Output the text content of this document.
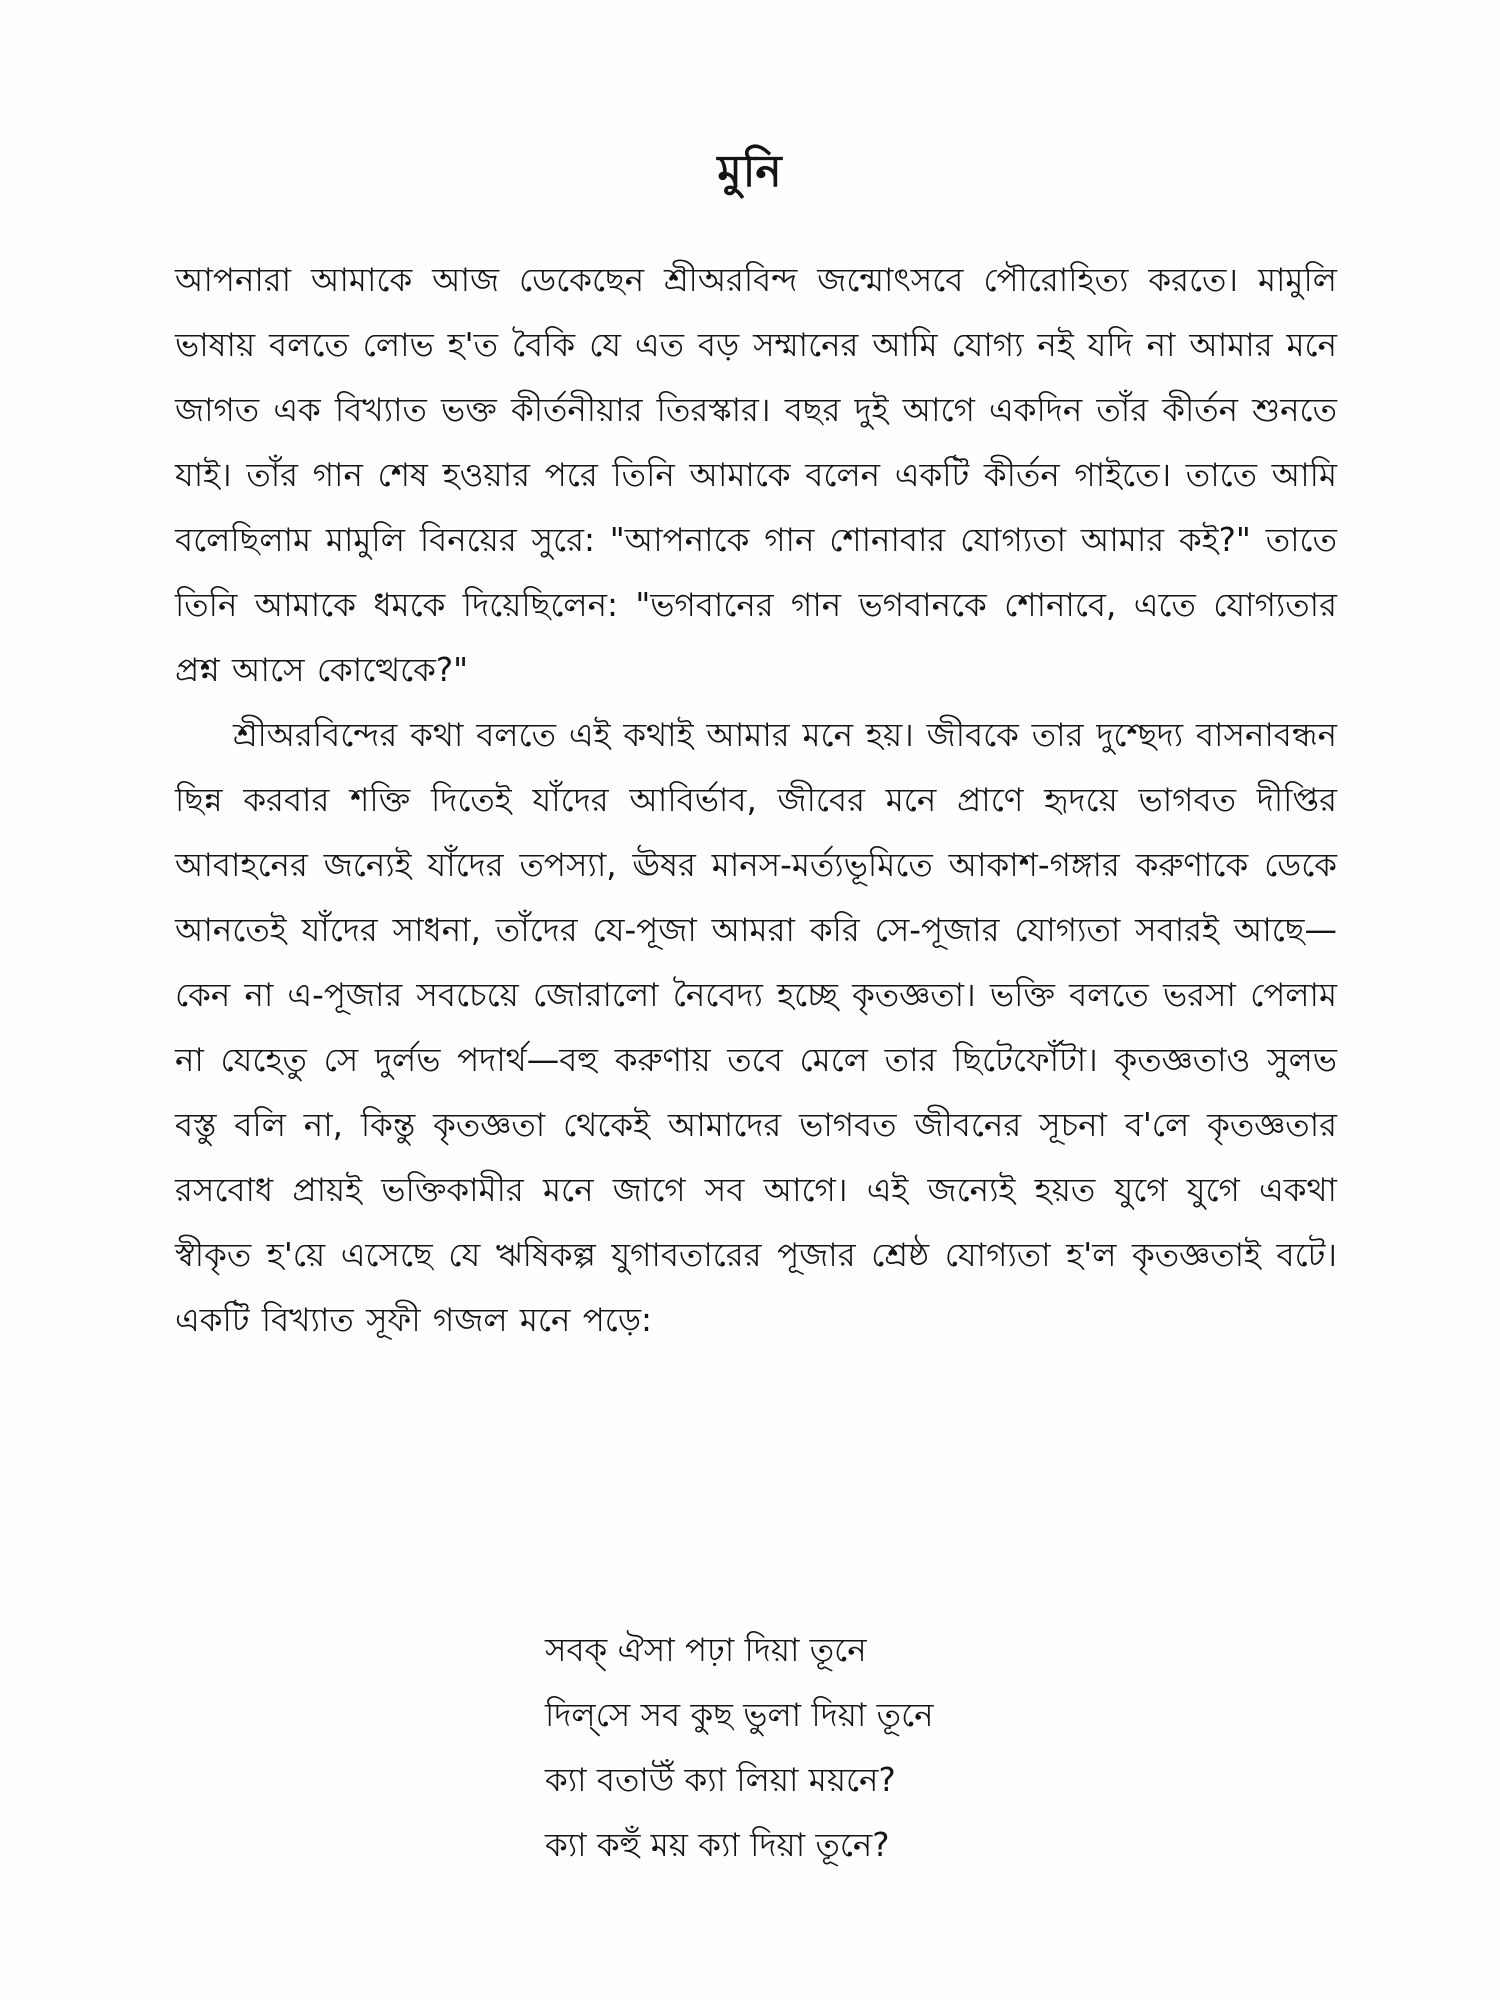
মুনি

আপনারা আমাকে আজ ডেকেছেন শ্রীঅরবিন্দ জন্মোৎসবে পৌরোহিত্য করতে। মামুলি ভাষায় বলতে লোভ হ'ত বৈকি যে এত বড় সম্মানের আমি যোগ্য নই যদি না আমার মনে জাগত এক বিখ্যাত ভক্ত কীর্তনীয়ার তিরস্কার। বছর দুই আগে একদিন তাঁর কীর্তন শুনতে যাই। তাঁর গান শেষ হওয়ার পরে তিনি আমাকে বলেন একটি কীর্তন গাইতে। তাতে আমি বলেছিলাম মামুলি বিনয়ের সুরে: "আপনাকে গান শোনাবার যোগ্যতা আমার কই?" তাতে তিনি আমাকে ধমকে দিয়েছিলেন: "ভগবানের গান ভগবানকে শোনাবে, এতে যোগ্যতার প্রশ্ন আসে কোত্থেকে?"

শ্রীঅরবিন্দের কথা বলতে এই কথাই আমার মনে হয়। জীবকে তার দুশ্ছেদ্য বাসনাবন্ধন ছিন্ন করবার শক্তি দিতেই যাঁদের আবির্ভাব, জীবের মনে প্রাণে হৃদয়ে ভাগবত দীপ্তির আবাহনের জন্যেই যাঁদের তপস্যা, ঊষর মানস-মর্ত্যভূমিতে আকাশ-গঙ্গার করুণাকে ডেকে আনতেই যাঁদের সাধনা, তাঁদের যে-পূজা আমরা করি সে-পূজার যোগ্যতা সবারই আছে—কেন না এ-পূজার সবচেয়ে জোরালো নৈবেদ্য হচ্ছে কৃতজ্ঞতা। ভক্তি বলতে ভরসা পেলাম না যেহেতু সে দুর্লভ পদার্থ—বহু করুণায় তবে মেলে তার ছিটেফোঁটা। কৃতজ্ঞতাও সুলভ বস্তু বলি না, কিন্তু কৃতজ্ঞতা থেকেই আমাদের ভাগবত জীবনের সূচনা ব'লে কৃতজ্ঞতার রসবোধ প্রায়ই ভক্তিকামীর মনে জাগে সব আগে। এই জন্যেই হয়ত যুগে যুগে একথা স্বীকৃত হ'য়ে এসেছে যে ঋষিকল্প যুগাবতারের পূজার শ্রেষ্ঠ যোগ্যতা হ'ল কৃতজ্ঞতাই বটে। একটি বিখ্যাত সূফী গজল মনে পড়ে:

সবক্ ঐসা পঢ়া দিয়া তূনে
দিল্‌সে সব কুছ ভুলা দিয়া তূনে
ক্যা বতাউঁ ক্যা লিয়া ময়নে?
ক্যা কহুঁ ময় ক্যা দিয়া তূনে?
